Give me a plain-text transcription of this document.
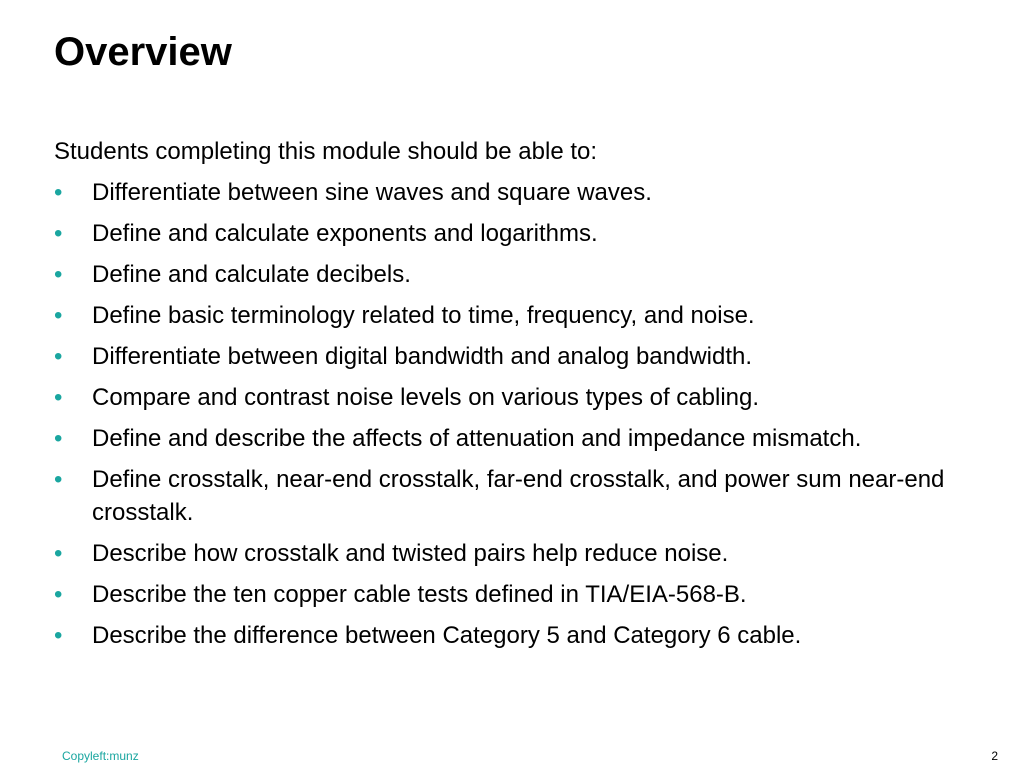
Overview

Students completing this module should be able to:

• Differentiate between sine waves and square waves.
• Define and calculate exponents and logarithms.
• Define and calculate decibels.
• Define basic terminology related to time, frequency, and noise.
• Differentiate between digital bandwidth and analog bandwidth.
• Compare and contrast noise levels on various types of cabling.
• Define and describe the affects of attenuation and impedance mismatch.
• Define crosstalk, near-end crosstalk, far-end crosstalk, and power sum near-end crosstalk.
• Describe how crosstalk and twisted pairs help reduce noise.
• Describe the ten copper cable tests defined in TIA/EIA-568-B.
• Describe the difference between Category 5 and Category 6 cable.
Copyleft:munz	2
